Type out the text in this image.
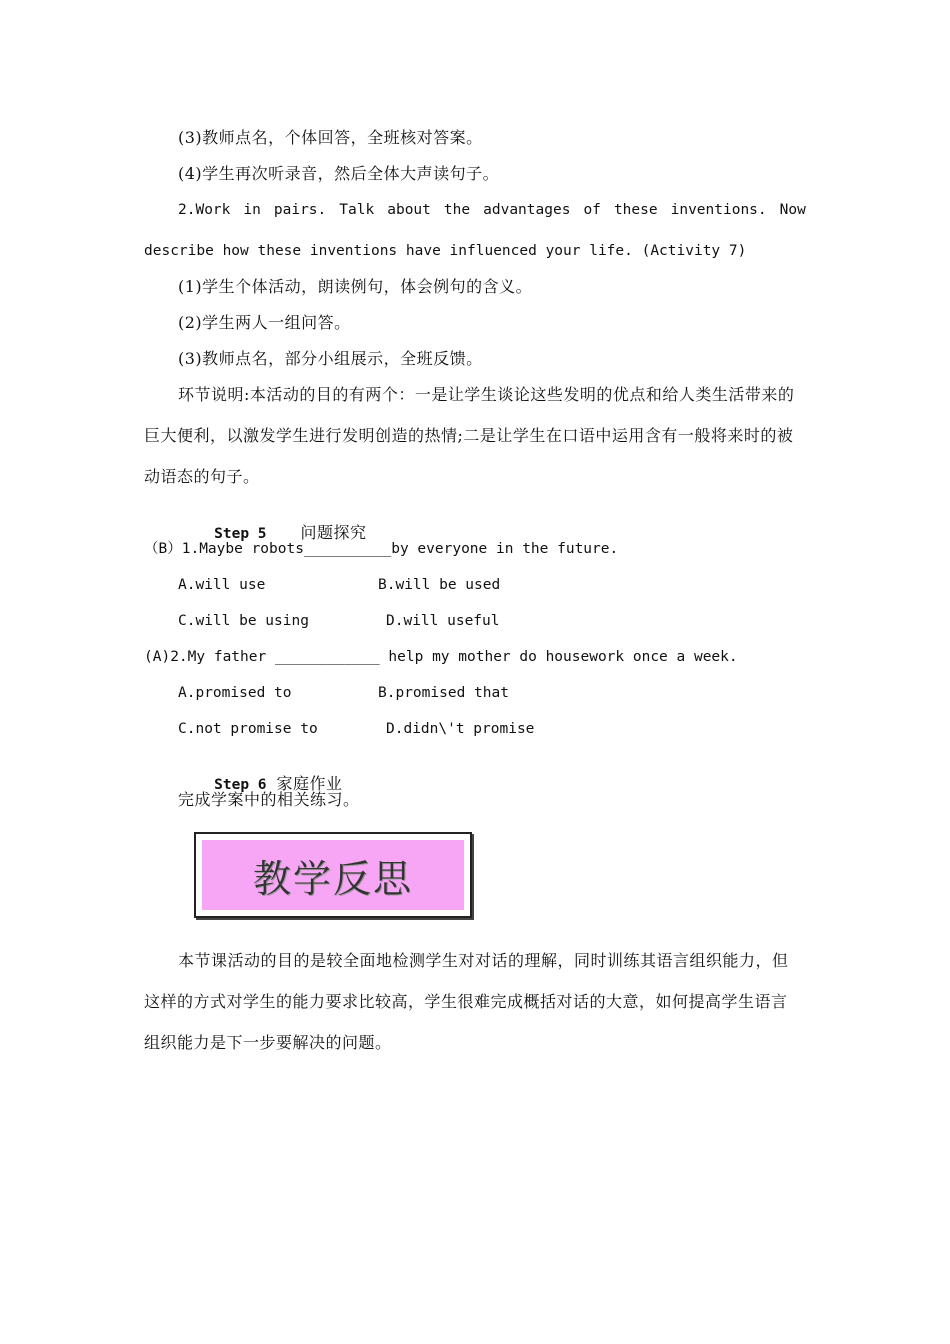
(3)教师点名，个体回答，全班核对答案。
(4)学生再次听录音，然后全体大声读句子。
2.Work in pairs. Talk about the advantages of these inventions. Now
describe how these inventions have influenced your life. (Activity 7)
(1)学生个体活动，朗读例句，体会例句的含义。
(2)学生两人一组问答。
(3)教师点名，部分小组展示，全班反馈。
环节说明:本活动的目的有两个：一是让学生谈论这些发明的优点和给人类生活带来的
巨大便利，以激发学生进行发明创造的热情;二是让学生在口语中运用含有一般将来时的被
动语态的句子。

Step 5 问题探究

（B）1.Maybe robots__________by everyone in the future.
A.will use	B.will be used
C.will be using	D.will useful
(A)2.My father ____________ help my mother do housework once a week.
A.promised to	B.promised that
C.not promise to	D.didn\'t promise

Step 6 家庭作业

完成学案中的相关练习。
教学反思
本节课活动的目的是较全面地检测学生对对话的理解，同时训练其语言组织能力，但
这样的方式对学生的能力要求比较高，学生很难完成概括对话的大意，如何提高学生语言
组织能力是下一步要解决的问题。
